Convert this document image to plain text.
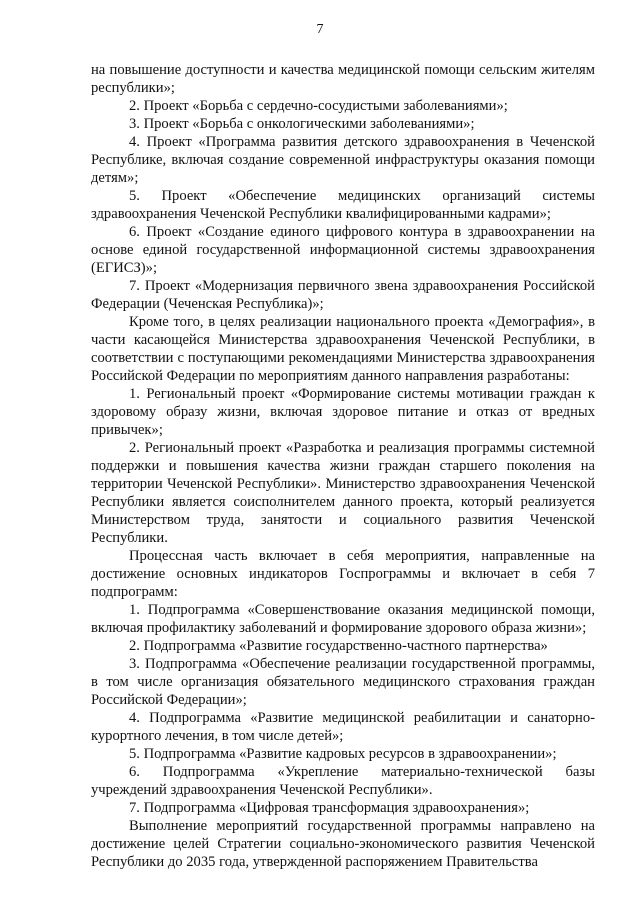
7

на повышение доступности и качества медицинской помощи сельским жителям республики»;

2. Проект «Борьба с сердечно-сосудистыми заболеваниями»;

3. Проект «Борьба с онкологическими заболеваниями»;

4. Проект «Программа развития детского здравоохранения в Чеченской Республике, включая создание современной инфраструктуры оказания помощи детям»;

5. Проект «Обеспечение медицинских организаций системы здравоохранения Чеченской Республики квалифицированными кадрами»;

6. Проект «Создание единого цифрового контура в здравоохранении на основе единой государственной информационной системы здравоохранения (ЕГИСЗ)»;

7. Проект «Модернизация первичного звена здравоохранения Российской Федерации (Чеченская Республика)»;

Кроме того, в целях реализации национального проекта «Демография», в части касающейся Министерства здравоохранения Чеченской Республики, в соответствии с поступающими рекомендациями Министерства здравоохранения Российской Федерации по мероприятиям данного направления разработаны:

1. Региональный проект «Формирование системы мотивации граждан к здоровому образу жизни, включая здоровое питание и отказ от вредных привычек»;

2. Региональный проект «Разработка и реализация программы системной поддержки и повышения качества жизни граждан старшего поколения на территории Чеченской Республики». Министерство здравоохранения Чеченской Республики является соисполнителем данного проекта, который реализуется Министерством труда, занятости и социального развития Чеченской Республики.

Процессная часть включает в себя мероприятия, направленные на достижение основных индикаторов Госпрограммы и включает в себя 7 подпрограмм:

1. Подпрограмма «Совершенствование оказания медицинской помощи, включая профилактику заболеваний и формирование здорового образа жизни»;

2. Подпрограмма «Развитие государственно-частного партнерства»

3. Подпрограмма «Обеспечение реализации государственной программы, в том числе организация обязательного медицинского страхования граждан Российской Федерации»;

4. Подпрограмма «Развитие медицинской реабилитации и санаторно-курортного лечения, в том числе детей»;

5. Подпрограмма «Развитие кадровых ресурсов в здравоохранении»;

6. Подпрограмма «Укрепление материально-технической базы учреждений здравоохранения Чеченской Республики».

7. Подпрограмма «Цифровая трансформация здравоохранения»;

Выполнение мероприятий государственной программы направлено на достижение целей Стратегии социально-экономического развития Чеченской Республики до 2035 года, утвержденной распоряжением Правительства
